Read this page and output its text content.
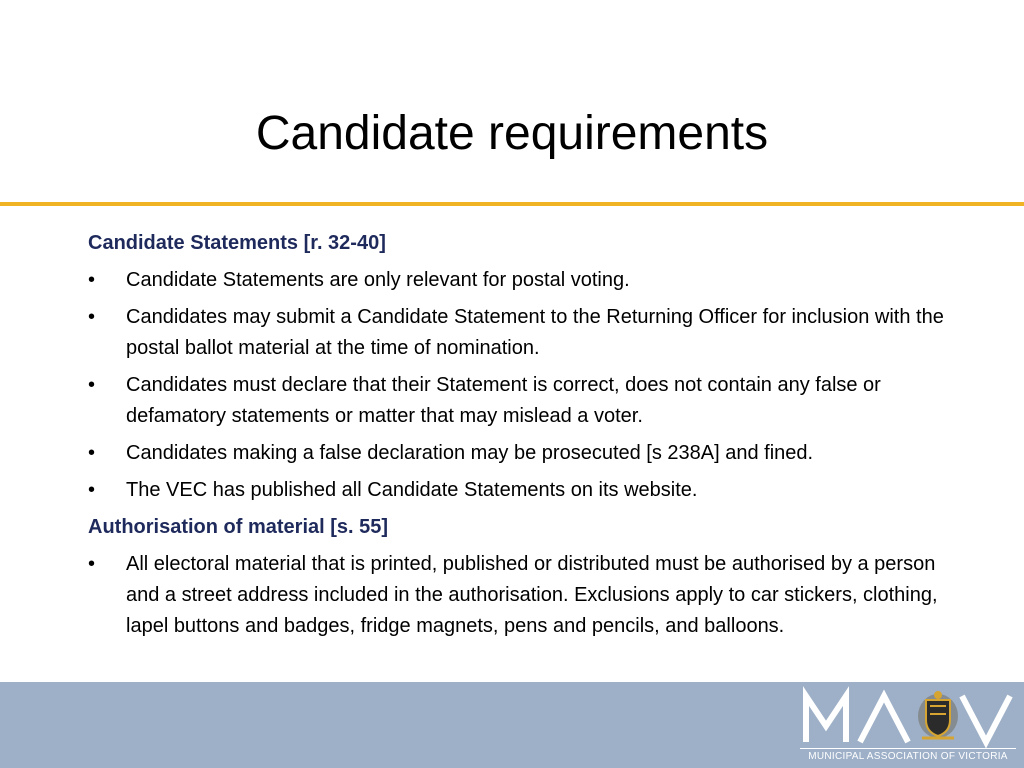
Candidate requirements
Candidate Statements [r. 32-40]
• Candidate Statements are only relevant for postal voting.
• Candidates may submit a Candidate Statement to the Returning Officer for inclusion with the postal ballot material at the time of nomination.
• Candidates must declare that their Statement is correct, does not contain any false or defamatory statements or matter that may mislead a voter.
• Candidates making a false declaration may be prosecuted [s 238A] and fined.
• The VEC has published all Candidate Statements on its website.
Authorisation of material [s. 55]
• All electoral material that is printed, published or distributed must be authorised by a person and a street address included in the authorisation. Exclusions apply to car stickers, clothing, lapel buttons and badges, fridge magnets, pens and pencils, and balloons.
MUNICIPAL ASSOCIATION OF VICTORIA
